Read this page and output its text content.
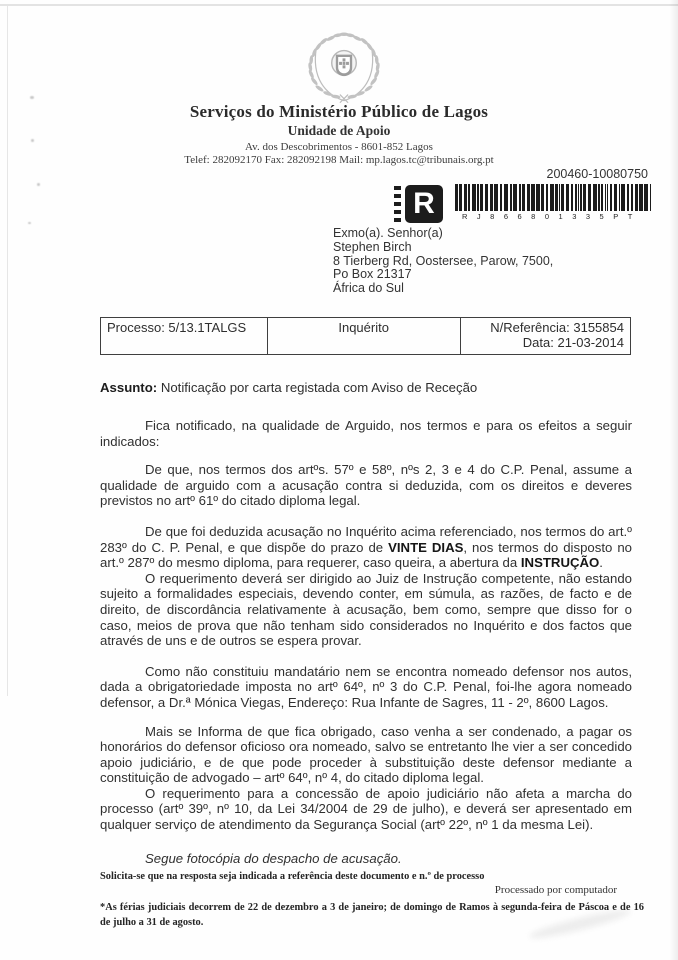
Serviços do Ministério Público de Lagos
Unidade de Apoio
Av. dos Descobrimentos - 8601-852 Lagos
Telef: 282092170 Fax: 282092198 Mail: mp.lagos.tc@tribunais.org.pt
200460-10080750
R	RJ866801335PT
Exmo(a). Senhor(a)
Stephen Birch
8 Tierberg Rd, Oostersee, Parow, 7500,
Po Box 21317
África do Sul
Processo: 5/13.1TALGS	Inquérito	N/Referência: 3155854
Data: 21-03-2014
Assunto: Notificação por carta registada com Aviso de Receção

Fica notificado, na qualidade de Arguido, nos termos e para os efeitos a seguir indicados:

De que, nos termos dos artºs. 57º e 58º, nºs 2, 3 e 4 do C.P. Penal, assume a qualidade de arguido com a acusação contra si deduzida, com os direitos e deveres previstos no artº 61º do citado diploma legal.

De que foi deduzida acusação no Inquérito acima referenciado, nos termos do art.º 283º do C. P. Penal, e que dispõe do prazo de VINTE DIAS, nos termos do disposto no art.º 287º do mesmo diploma, para requerer, caso queira, a abertura da INSTRUÇÃO.

O requerimento deverá ser dirigido ao Juiz de Instrução competente, não estando sujeito a formalidades especiais, devendo conter, em súmula, as razões, de facto e de direito, de discordância relativamente à acusação, bem como, sempre que disso for o caso, meios de prova que não tenham sido considerados no Inquérito e dos factos que através de uns e de outros se espera provar.

Como não constituiu mandatário nem se encontra nomeado defensor nos autos, dada a obrigatoriedade imposta no artº 64º, nº 3 do C.P. Penal, foi-lhe agora nomeado defensor, a Dr.ª Mónica Viegas, Endereço: Rua Infante de Sagres, 11 - 2º, 8600 Lagos.

Mais se Informa de que fica obrigado, caso venha a ser condenado, a pagar os honorários do defensor oficioso ora nomeado, salvo se entretanto lhe vier a ser concedido apoio judiciário, e de que pode proceder à substituição deste defensor mediante a constituição de advogado – artº 64º, nº 4, do citado diploma legal.

O requerimento para a concessão de apoio judiciário não afeta a marcha do processo (artº 39º, nº 10, da Lei 34/2004 de 29 de julho), e deverá ser apresentado em qualquer serviço de atendimento da Segurança Social (artº 22º, nº 1 da mesma Lei).

Segue fotocópia do despacho de acusação.

Solicita-se que na resposta seja indicada a referência deste documento e n.º de processo
Processado por computador
*As férias judiciais decorrem de 22 de dezembro a 3 de janeiro; de domingo de Ramos à segunda-feira de Páscoa e de 16 de julho a 31 de agosto.
